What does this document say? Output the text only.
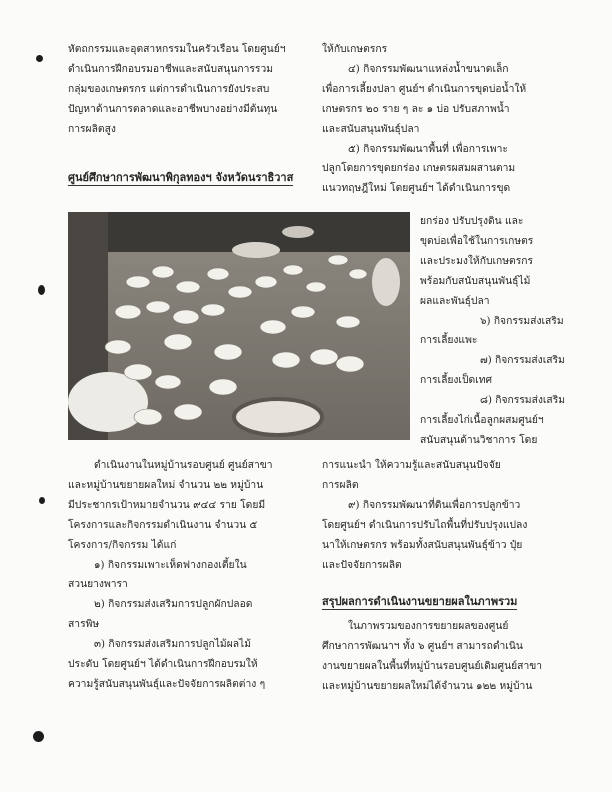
หัตถกรรมและอุตสาหกรรมในครัวเรือน โดยศูนย์ฯ
ดำเนินการฝึกอบรมอาชีพและสนับสนุนการรวม
กลุ่มของเกษตรกร แต่การดำเนินการยังประสบ
ปัญหาด้านการตลาดและอาชีพบางอย่างมีต้นทุน
การผลิตสูง
ศูนย์ศึกษาการพัฒนาพิกุลทองฯ จังหวัดนราธิวาส
ให้กับเกษตรกร
๔) กิจกรรมพัฒนาแหล่งน้ำขนาดเล็ก
เพื่อการเลี้ยงปลา ศูนย์ฯ ดำเนินการขุดบ่อน้ำให้
เกษตรกร ๒๐ ราย ๆ ละ ๑ บ่อ ปรับสภาพน้ำ
และสนับสนุนพันธุ์ปลา
๕) กิจกรรมพัฒนาพื้นที่ เพื่อการเพาะ
ปลูกโดยการขุดยกร่อง เกษตรผสมผสานตาม
แนวทฤษฎีใหม่ โดยศูนย์ฯ ได้ดำเนินการขุด
ยกร่อง ปรับปรุงดิน และ
ขุดบ่อเพื่อใช้ในการเกษตร
และประมงให้กับเกษตรกร
พร้อมกับสนับสนุนพันธุ์ไม้
ผลและพันธุ์ปลา
๖) กิจกรรมส่งเสริม
การเลี้ยงแพะ
๗) กิจกรรมส่งเสริม
การเลี้ยงเป็ดเทศ
๘) กิจกรรมส่งเสริม
การเลี้ยงไก่เนื้อลูกผสมศูนย์ฯ
สนับสนุนด้านวิชาการ โดย
ดำเนินงานในหมู่บ้านรอบศูนย์ ศูนย์สาขา
และหมู่บ้านขยายผลใหม่ จำนวน ๒๒ หมู่บ้าน
มีประชากรเป้าหมายจำนวน ๙๔๔ ราย โดยมี
โครงการและกิจกรรมดำเนินงาน จำนวน ๕
โครงการ/กิจกรรม ได้แก่
๑) กิจกรรมเพาะเห็ดฟางกองเตี้ยใน
สวนยางพารา
๒) กิจกรรมส่งเสริมการปลูกผักปลอด
สารพิษ
๓) กิจกรรมส่งเสริมการปลูกไม้ผลไม้
ประดับ โดยศูนย์ฯ ได้ดำเนินการฝึกอบรมให้
ความรู้สนับสนุนพันธุ์และปัจจัยการผลิตต่าง ๆ
การแนะนำ ให้ความรู้และสนับสนุนปัจจัย
การผลิต
๙) กิจกรรมพัฒนาที่ดินเพื่อการปลูกข้าว
โดยศูนย์ฯ ดำเนินการปรับไถพื้นที่ปรับปรุงแปลง
นาให้เกษตรกร พร้อมทั้งสนับสนุนพันธุ์ข้าว ปุ๋ย
และปัจจัยการผลิต
สรุปผลการดำเนินงานขยายผลในภาพรวม
ในภาพรวมของการขยายผลของศูนย์
ศึกษาการพัฒนาฯ ทั้ง ๖ ศูนย์ฯ สามารถดำเนิน
งานขยายผลในพื้นที่หมู่บ้านรอบศูนย์เดิมศูนย์สาขา
และหมู่บ้านขยายผลใหม่ได้จำนวน ๑๒๒ หมู่บ้าน
